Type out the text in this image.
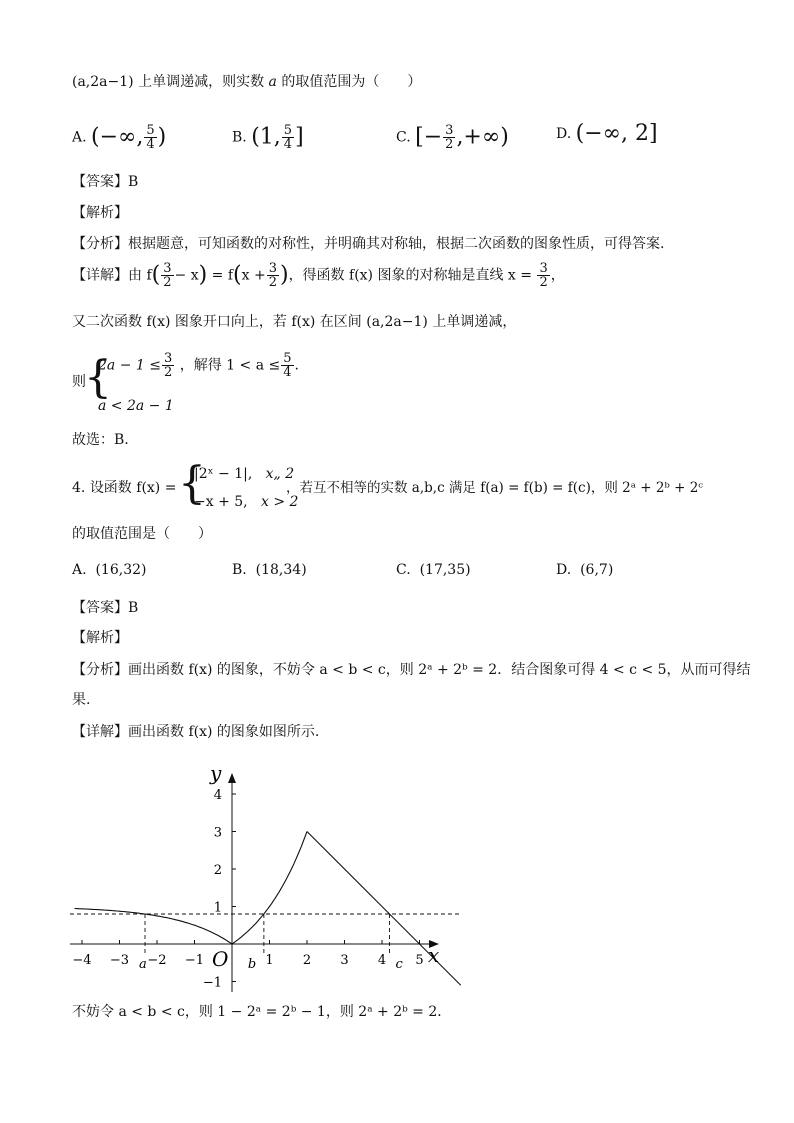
(a,2a−1) 上单调递减，则实数 a 的取值范围为（　　）
A. (−∞, $\frac{5}{4}$ )	B. (1, $\frac{5}{4}$ ]	C. [− $\frac{3}{2}$ ,+∞)	D. (−∞, 2]
【答案】B
【解析】
【分析】根据题意，可知函数的对称性，并明确其对称轴，根据二次函数的图象性质，可得答案.
【详解】由 $f( \frac{3}{2} - x) = f(x + \frac{3}{2}$ )，得函数 f(x) 图象的对称轴是直线 $x = \frac{3}{2}$ ，
又二次函数 f(x) 图象开口向上，若 f(x) 在区间 (a,2a−1) 上单调递减，
则
{
$2a - 1 \le \frac{3}{2}$ ，解得 $1 < a \le \frac{5}{4}$ .
a < 2a − 1
故选：B.
4. 设函数 f(x) = {
|2ˣ − 1|, x„ 2
−x + 5, x > 2
，若互不相等的实数 a,b,c 满足 f(a) = f(b) = f(c)，则 2ᵃ + 2ᵇ + 2ᶜ
的取值范围是（　　）
A. (16,32)	B. (18,34)	C. (17,35)	D. (6,7)
【答案】B
【解析】
【分析】画出函数 f(x) 的图象，不妨令 a < b < c，则 2ᵃ + 2ᵇ = 2．结合图象可得 4 < c < 5，从而可得结
果.
【详解】画出函数 f(x) 的图象如图所示.
−4 −3 −2 −1	1 2 3 4 5
4
3
2
1
−1
y
x
O
a	b	c
不妨令 a < b < c，则 1 − 2ᵃ = 2ᵇ − 1，则 2ᵃ + 2ᵇ = 2．
